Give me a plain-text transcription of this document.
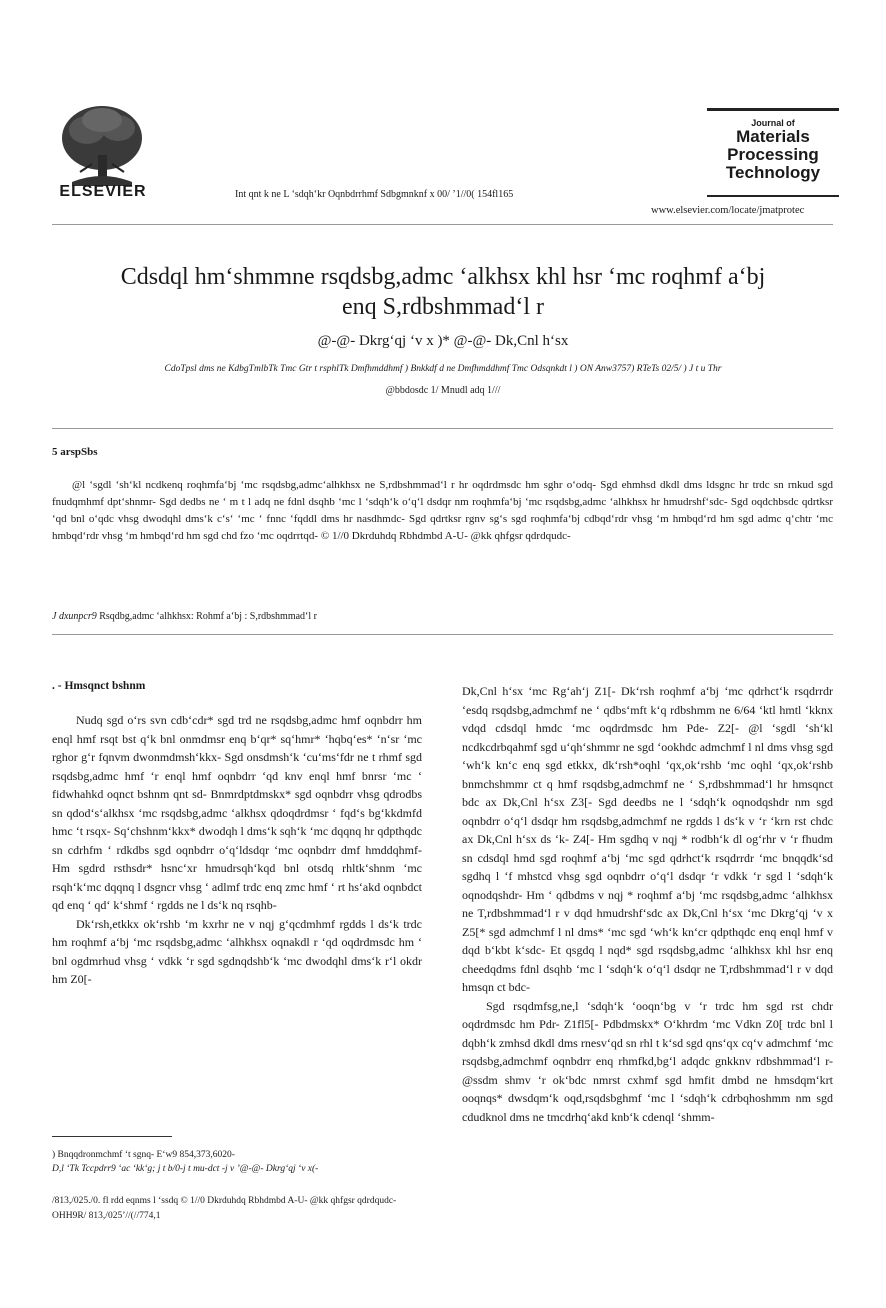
ELSEVIER	Int qnt k ne L ‘sdqh‘kr Oqnbdrrhmf Sdbgmnknf x 00/ ’1//0( 154fl165
Journal of
Materials
Processing
Technology
www.elsevier.com/locate/jmatprotec
Cdsdql hm‘shmmne rsqdsbg,admc ‘alkhsx khl hsr ‘mc roqhmf a‘bj
enq S,rdbshmmad‘l r
@-@- Dkrg‘qj ‘v x )* @-@- Dk,Cnl h‘sx
CdoTpsl dms ne KdbgTmlbTk Tmc Gtr t rsphlTk Dmfhmddhmf ) Bnkkdf d ne Dmfhmddhmf Tmc Odsqnkdt l ) ON Anw3757) RTeTs 02/5/ ) J t u Thr
@bbdosdc 1/ Mnudl adq 1///
5 arspSbs
@l ‘sgdl ‘sh‘kl ncdkenq roqhmfa‘bj ‘mc rsqdsbg,admc‘alhkhsx ne S,rdbshmmad‘l r hr oqdrdmsdc hm sghr o‘odq- Sgd ehmhsd dkdl dms ldsgnc hr trdc sn rnkud sgd fnudqmhmf dpt‘shnmr- Sgd dedbs ne ‘ m t l adq ne fdnl dsqhb ‘mc l ‘sdqh‘k o‘q‘l dsdqr nm roqhmfa‘bj ‘mc rsqdsbg,admc ‘alhkhsx hr hmudrshf‘sdc- Sgd oqdchbsdc qdrtksr ‘qd bnl o‘qdc vhsg dwodqhl dms‘k c‘s‘ ‘mc ‘ fnnc ‘fqddl dms hr nasdhmdc- Sgd qdrtksr rgnv sg‘s sgd roqhmfa‘bj cdbqd‘rdr vhsg ‘m hmbqd‘rd hm sgd admc q‘chtr ‘mc hmbqd‘rdr vhsg ‘m hmbqd‘rd hm sgd chd fzo ‘mc oqdrrtqd- © 1//0 Dkrduhdq Rbhdmbd A-U- @kk qhfgsr qdrdqudc-
J dxunpcr9 Rsqdbg,admc ‘alhkhsx: Rohmf a‘bj : S,rdbshmmad‘l r
. - Hmsqnct bshnm

Nudq sgd o‘rs svn cdb‘cdr* sgd trd ne rsqdsbg,admc hmf oqnbdrr hm enql hmf rsqt bst q‘k bnl onmdmsr enq b‘qr* sq‘hmr* ‘hqbq‘es* ‘n‘sr ‘mc rghor g‘r fqnvm dwonmdmsh‘kkx- Sgd onsdmsh‘k ‘cu‘ms‘fdr ne t rhmf sgd rsqdsbg,admc hmf ‘r enql hmf oqnbdrr ‘qd knv enql hmf bnrsr ‘mc ‘ fidwhahkd oqnct bshnm qnt sd- Bnmrdptdmskx* sgd oqnbdrr vhsg qdrodbs sn qdod‘s‘alkhsx ‘mc rsqdsbg,admc ‘alkhsx qdoqdrdmsr ‘ fqd‘s bg‘kkdmfd hmc ‘t rsqx- Sq‘chshnm‘kkx* dwodqh l dms‘k sqh‘k ‘mc dqqnq hr qdpthqdc sn cdrhfm ‘ rdkdbs sgd oqnbdrr o‘q‘ldsdqr ‘mc oqnbdrr dmf hmddqhmf- Hm sgdrd rsthsdr* hsnc‘xr hmudrsqh‘kqd bnl otsdq rhltk‘shnm ‘mc rsqh‘k‘mc dqqnq l dsgncr vhsg ‘ adlmf trdc enq zmc hmf ‘ rt hs‘akd oqnbdct qd enq ‘ qd‘ k‘shmf ‘ rgdds ne l ds‘k nq rsqhb-

Dk‘rsh,etkkx ok‘rshb ‘m kxrhr ne v nqj g‘qcdmhmf rgdds l ds‘k trdc hm roqhmf a‘bj ‘mc rsqdsbg,admc ‘alhkhsx oqnakdl r ‘qd oqdrdmsdc hm ‘ bnl ogdmrhud vhsg ‘ vdkk ‘r sgd sgdnqdshb‘k ‘mc dwodqhl dms‘k r‘l okdr hm Z0[-

Dk,Cnl h‘sx ‘mc Rg‘ah‘j Z1[- Dk‘rsh roqhmf a‘bj ‘mc qdrhct‘k rsqdrrdr ‘esdq rsqdsbg,admchmf ne ‘ qdbs‘mft k‘q rdbshmm ne 6/64 ‘ktl hmtl ‘kknx vdqd cdsdql hmdc ‘mc oqdrdmsdc hm Pde- Z2[- @l ‘sgdl ‘sh‘kl ncdkcdrbqahmf sgd u‘qh‘shmmr ne sgd ‘ookhdc admchmf l nl dms vhsg sgd ‘wh‘k kn‘c enq sgd etkkx, dk‘rsh*oqhl ‘qx,ok‘rshb ‘mc oqhl ‘qx,ok‘rshb bnmchshmmr ct q hmf rsqdsbg,admchmf ne ‘ S,rdbshmmad‘l hr hmsqnct bdc ax Dk,Cnl h‘sx Z3[- Sgd deedbs ne l ‘sdqh‘k oqnodqshdr nm sgd oqnbdrr o‘q‘l dsdqr hm rsqdsbg,admchmf ne rgdds l ds‘k v ‘r ‘krn rst chdc ax Dk,Cnl h‘sx ds ‘k- Z4[- Hm sgdhq v nqj * rodbh‘k dl og‘rhr v ‘r fhudm sn cdsdql hmd sgd roqhmf a‘bj ‘mc sgd qdrhct‘k rsqdrrdr ‘mc bnqqdk‘sd sgdhq l ‘f mhstcd vhsg sgd oqnbdrr o‘q‘l dsdqr ‘r vdkk ‘r sgd l ‘sdqh‘k oqnodqshdr- Hm ‘ qdbdms v nqj * roqhmf a‘bj ‘mc rsqdsbg,admc ‘alhkhsx ne T,rdbshmmad‘l r v dqd hmudrshf‘sdc ax Dk,Cnl h‘sx ‘mc Dkrg‘qj ‘v x Z5[* sgd admchmf l nl dms* ‘mc sgd ‘wh‘k kn‘cr qdpthqdc enq enql hmf v dqd b‘kbt k‘sdc- Et qsgdq l nqd* sgd rsqdsbg,admc ‘alhkhsx khl hsr enq cheedqdms fdnl dsqhb ‘mc l ‘sdqh‘k o‘q‘l dsdqr ne T,rdbshmmad‘l r v dqd hmsqn ct bdc-

Sgd rsqdmfsg,ne,l ‘sdqh‘k ‘ooqn‘bg v ‘r trdc hm sgd rst chdr oqdrdmsdc hm Pdr- Z1fl5[- Pdbdmskx* O‘khrdm ‘mc Vdkn Z0[ trdc bnl l dqbh‘k zmhsd dkdl dms rnesv‘qd sn rhl t k‘sd sgd qns‘qx cq‘v admchmf ‘mc rsqdsbg,admchmf oqnbdrr enq rhmfkd,bg‘l adqdc gnkknv rdbshmmad‘l r- @ssdm shmv ‘r ok‘bdc nmrst cxhmf sgd hmfit dmbd ne hmsdqm‘krt ooqnqs* dwsdqm‘k oqd,rsqdsbghmf ‘mc l ‘sdqh‘k cdrbqhoshmm nm sgd cdudknol dms ne tmcdrhq‘akd knb‘k cdenql ‘shmm-

) Bnqqdronmchmf ‘t sgnq- E‘w9 854,373,6020-
D,l ‘Tk Tccpdrr9 ‘ac ‘kk‘g; j t b/0-j t mu-dct -j v ’@-@- Dkrg‘qj ‘v x(-
/813,/025./0. fl rdd eqnms l ‘ssdq © 1//0 Dkrduhdq Rbhdmbd A-U- @kk qhfgsr qdrdqudc-
OHH9R/ 813,/025’//(//774,1
